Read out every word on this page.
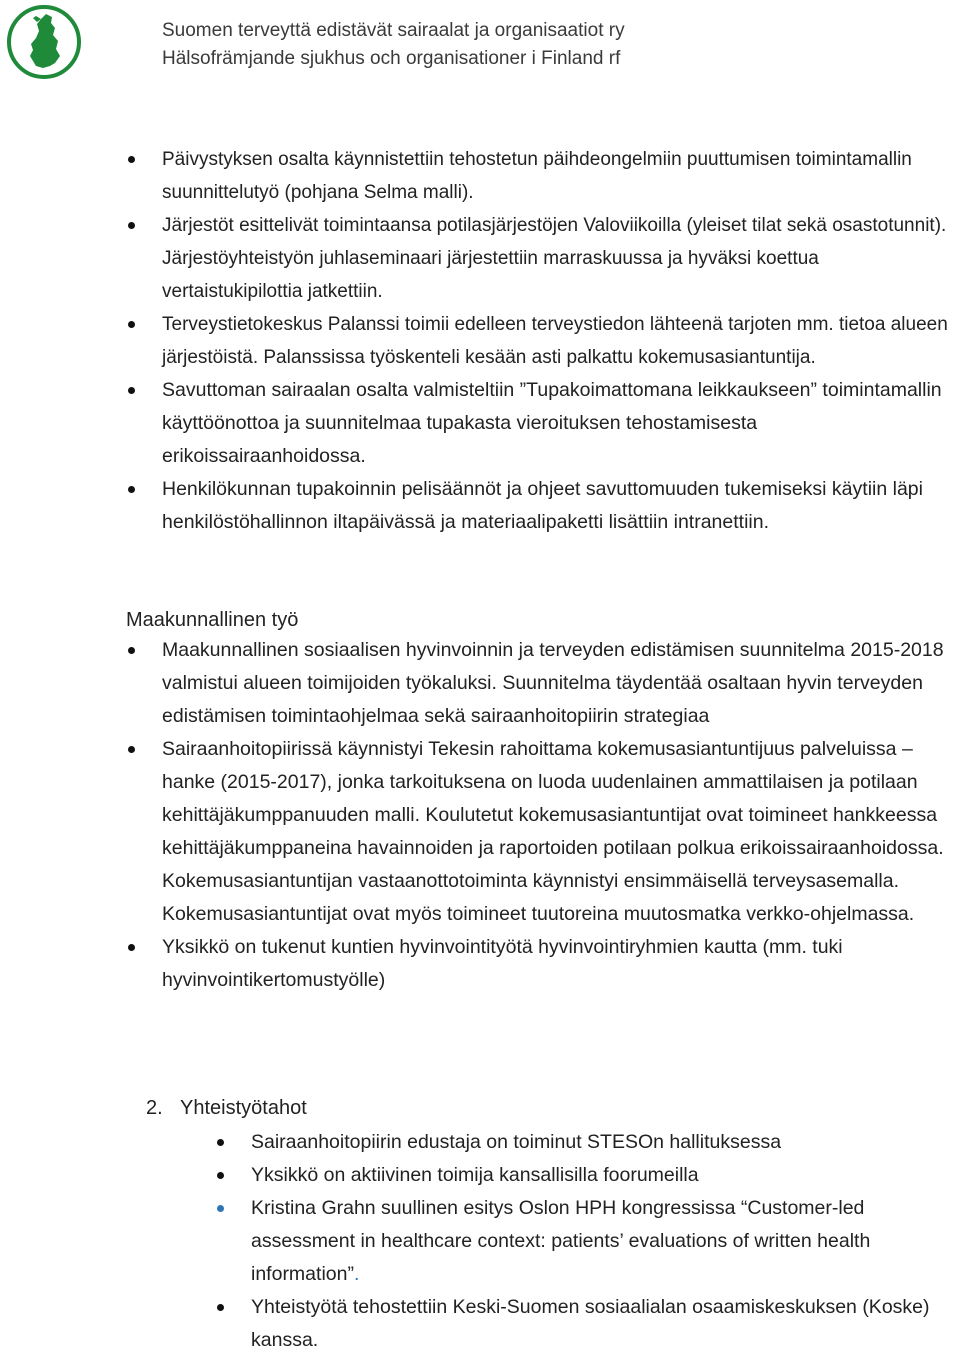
Suomen terveyttä edistävät sairaalat ja organisaatiot ry
Hälsofrämjande sjukhus och organisationer i Finland rf
Päivystyksen osalta käynnistettiin tehostetun päihdeongelmiin puuttumisen toimintamallin suunnittelutyö (pohjana Selma malli).
Järjestöt esittelivät toimintaansa potilasjärjestöjen Valoviikoilla (yleiset tilat sekä osastotunnit). Järjestöyhteistyön juhlaseminaari järjestettiin marraskuussa ja hyväksi koettua vertaistukipilottia jatkettiin.
Terveystietokeskus Palanssi toimii edelleen terveystiedon lähteenä tarjoten mm. tietoa alueen järjestöistä. Palanssissa työskenteli kesään asti palkattu kokemusasiantuntija.
Savuttoman sairaalan osalta valmisteltiin ”Tupakoimattomana leikkaukseen” toimintamallin käyttöönottoa ja suunnitelmaa tupakasta vieroituksen tehostamisesta erikoissairaanhoidossa.
Henkilökunnan tupakoinnin pelisäännöt ja ohjeet savuttomuuden tukemiseksi käytiin läpi henkilöstöhallinnon iltapäivässä ja materiaalipaketti lisättiin intranettiin.
Maakunnallinen työ
Maakunnallinen sosiaalisen hyvinvoinnin ja terveyden edistämisen suunnitelma 2015-2018 valmistui alueen toimijoiden työkaluksi. Suunnitelma täydentää osaltaan hyvin terveyden edistämisen toimintaohjelmaa sekä sairaanhoitopiirin strategiaa
Sairaanhoitopiirissä käynnistyi Tekesin rahoittama kokemusasiantuntijuus palveluissa –hanke (2015-2017), jonka tarkoituksena on luoda uudenlainen ammattilaisen ja potilaan kehittäjäkumppanuuden malli. Koulutetut kokemusasiantuntijat ovat toimineet hankkeessa kehittäjäkumppaneina havainnoiden ja raportoiden potilaan polkua erikoissairaanhoidossa. Kokemusasiantuntijan vastaanottotoiminta käynnistyi ensimmäisellä terveysasemalla. Kokemusasiantuntijat ovat myös toimineet tuutoreina muutosmatka verkko-ohjelmassa.
Yksikkö on tukenut kuntien hyvinvointityötä hyvinvointiryhmien kautta (mm. tuki hyvinvointikertomustyölle)
2. Yhteistyötahot
Sairaanhoitopiirin edustaja on toiminut STESOn hallituksessa
Yksikkö on aktiivinen toimija kansallisilla foorumeilla
Kristina Grahn suullinen esitys Oslon HPH kongressissa “Customer-led assessment in healthcare context: patients’ evaluations of written health information”.
Yhteistyötä tehostettiin Keski-Suomen sosiaalialan osaamiskeskuksen (Koske) kanssa.
